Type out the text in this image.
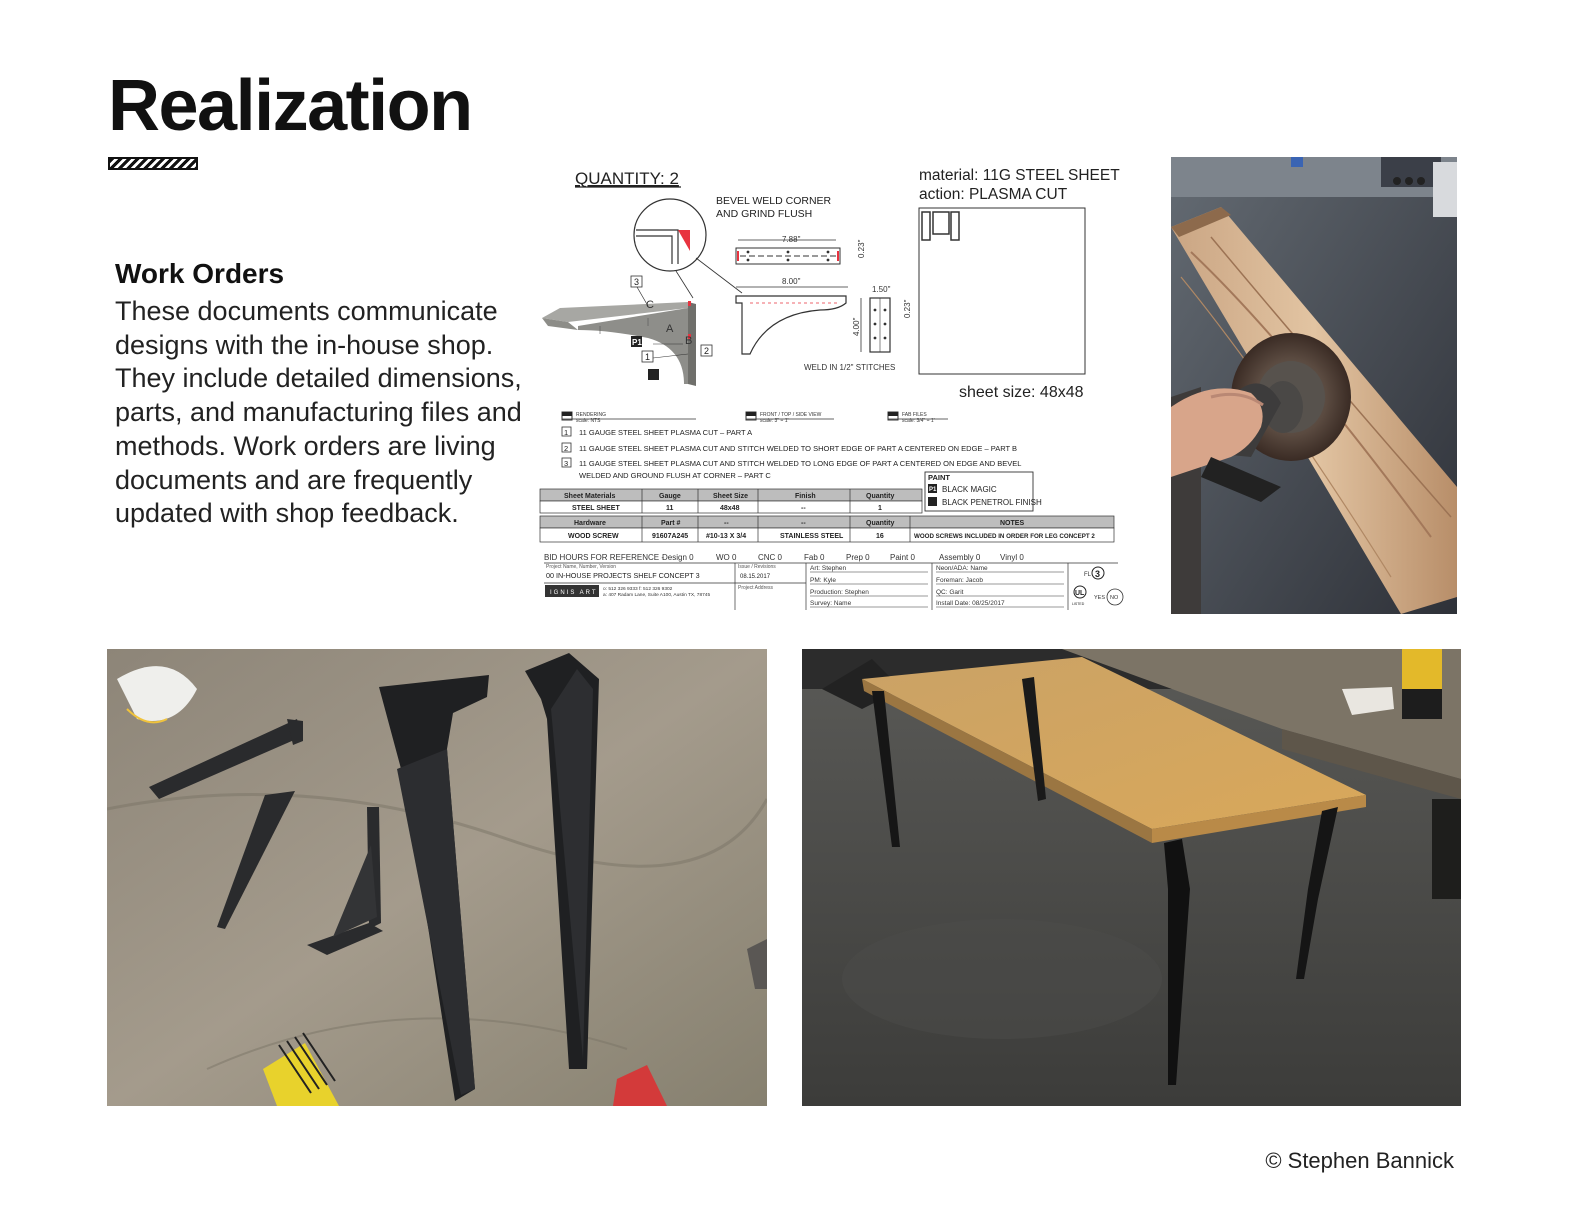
Realization
Work Orders
These documents communicate designs with the in-house shop. They include detailed dimensions, parts, and manufacturing files and methods. Work orders are living documents and are frequently updated with shop feedback.
QUANTITY: 2	material: 11G STEEL SHEET
action: PLASMA CUT
sheet size: 48x48
BEVEL WELD CORNER
AND GRIND FLUSH
3
C
A
B
P1
1
2
7.88"
0.23"
8.00"
WELD IN 1/2" STITCHES
4.00"
1.50"
0.23"
RENDERING
scale: NTS
FRONT / TOP / SIDE VIEW
scale: 3" = 1'
FAB FILES
scale: 3/4" = 1'
1 11 GAUGE STEEL SHEET PLASMA CUT – PART A
2 11 GAUGE STEEL SHEET PLASMA CUT AND STITCH WELDED TO SHORT EDGE OF PART A CENTERED ON EDGE – PART B
3 11 GAUGE STEEL SHEET PLASMA CUT AND STITCH WELDED TO LONG EDGE OF PART A CENTERED ON EDGE AND BEVEL
WELDED AND GROUND FLUSH AT CORNER – PART C	PAINT
P1 BLACK MAGIC
BLACK PENETROL FINISH
Sheet Materials	Gauge	Sheet Size	Finish	Quantity
STEEL SHEET	11	48x48	--	1
Hardware	Part #	--	--	Quantity	NOTES
WOOD SCREW	91607A245	#10-13 X 3/4	STAINLESS STEEL	16	WOOD SCREWS INCLUDED IN ORDER FOR LEG CONCEPT 2
BID HOURS FOR REFERENCE -
Design 0	WO 0	CNC 0	Fab 0	Prep 0	Paint 0	Assembly 0 Vinyl 0
Project Name, Number, Version
00 IN-HOUSE PROJECTS SHELF CONCEPT 3
Issue / Revisions
08.15.2017
Project Address
IGNIS ART
o: 512 326 9333 f: 512 326 9302
a: 407 Radam Lane, Suite A100, Austin TX, 78745
Art: Stephen
PM: Kyle
Production: Stephen
Survey: Name
Neon/ADA: Name
Foreman: Jacob
QC: Garit
Install Date: 08/25/2017
FL 3
UL
LISTED
YES NO
© Stephen Bannick
